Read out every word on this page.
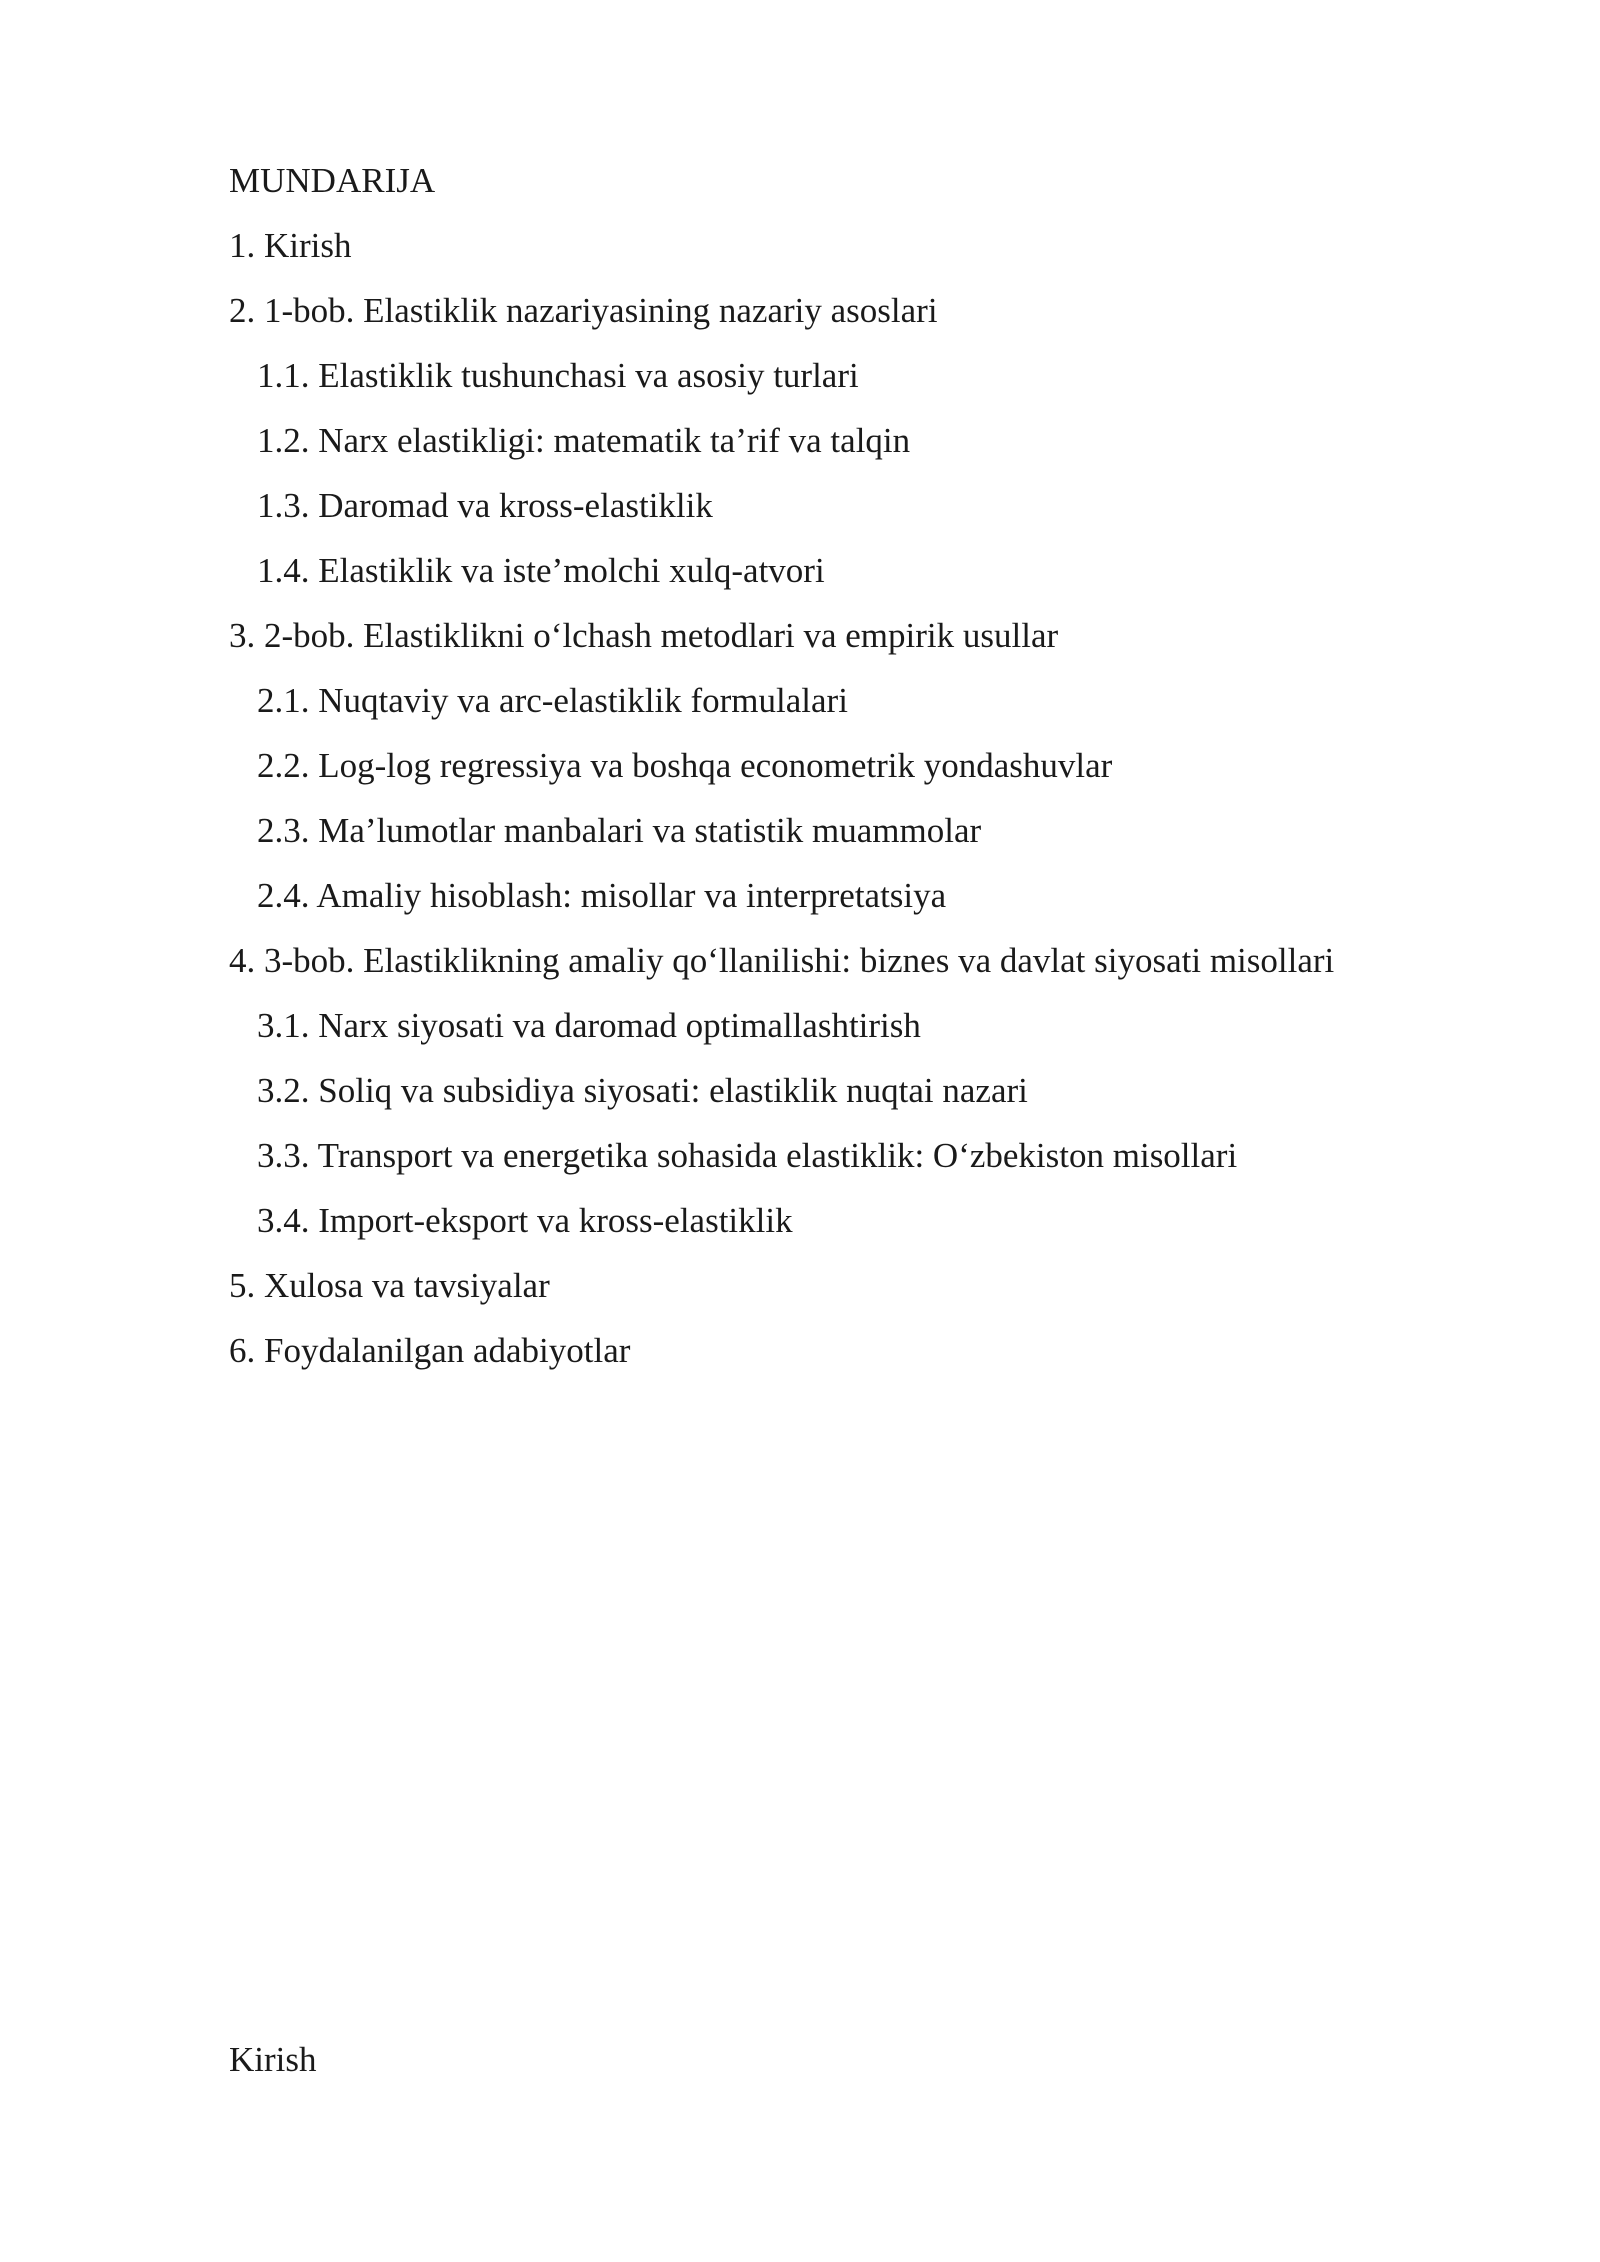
MUNDARIJA
1. Kirish
2. 1-bob. Elastiklik nazariyasining nazariy asoslari
1.1. Elastiklik tushunchasi va asosiy turlari
1.2. Narx elastikligi: matematik ta’rif va talqin
1.3. Daromad va kross-elastiklik
1.4. Elastiklik va iste’molchi xulq-atvori
3. 2-bob. Elastiklikni o‘lchash metodlari va empirik usullar
2.1. Nuqtaviy va arc-elastiklik formulalari
2.2. Log-log regressiya va boshqa econometrik yondashuvlar
2.3. Ma’lumotlar manbalari va statistik muammolar
2.4. Amaliy hisoblash: misollar va interpretatsiya
4. 3-bob. Elastiklikning amaliy qo‘llanilishi: biznes va davlat siyosati misollari
3.1. Narx siyosati va daromad optimallashtirish
3.2. Soliq va subsidiya siyosati: elastiklik nuqtai nazari
3.3. Transport va energetika sohasida elastiklik: O‘zbekiston misollari
3.4. Import-eksport va kross-elastiklik
5. Xulosa va tavsiyalar
6. Foydalanilgan adabiyotlar
Kirish
